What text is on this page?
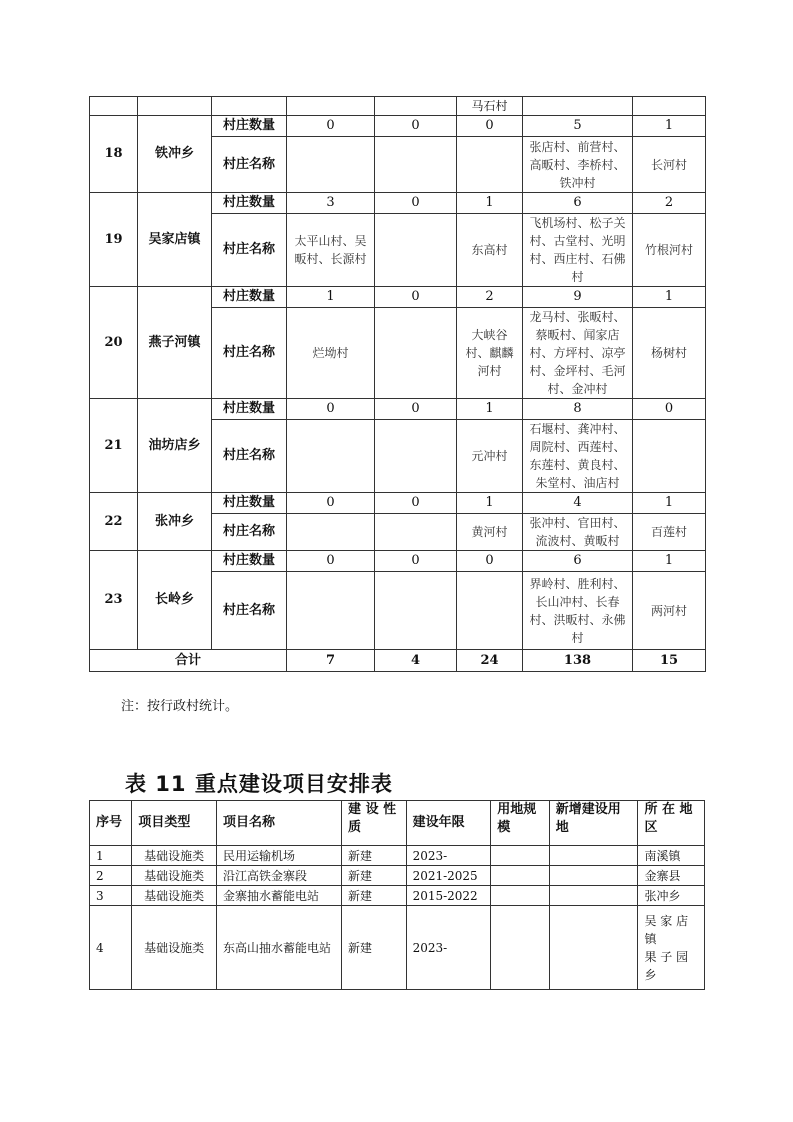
					马石村		
18	铁冲乡	村庄数量	0	0	0	5	1
		村庄名称				张店村、前营村、高畈村、李桥村、铁冲村	长河村

19	吴家店镇	村庄数量	3	0	1	6	2
		村庄名称	太平山村、吴畈村、长源村		东高村	飞机场村、松子关村、古堂村、光明村、西庄村、石佛村	竹根河村

20	燕子河镇	村庄数量	1	0	2	9	1
		村庄名称	烂坳村		大峡谷村、麒麟河村	龙马村、张畈村、蔡畈村、闻家店村、方坪村、凉亭村、金坪村、毛河村、金冲村	杨树村

21	油坊店乡	村庄数量	0	0	1	8	0
		村庄名称			元冲村	石堰村、龚冲村、周院村、西莲村、东莲村、黄良村、朱堂村、油店村	

22	张冲乡	村庄数量	0	0	1	4	1
		村庄名称			黄河村	张冲村、官田村、流波村、黄畈村	百莲村

23	长岭乡	村庄数量	0	0	0	6	1
		村庄名称				界岭村、胜利村、长山冲村、长春村、洪畈村、永佛村	两河村

合计			7	4	24	138	15
注：按行政村统计。
表 11 重点建设项目安排表
序号	项目类型	项目名称	建 设 性质	建设年限	用地规模	新增建设用地	所 在 地区
1	基础设施类	民用运输机场	新建	2023-			南溪镇
2	基础设施类	沿江高铁金寨段	新建	2021-2025			金寨县
3	基础设施类	金寨抽水蓄能电站	新建	2015-2022			张冲乡
4	基础设施类	东高山抽水蓄能电站	新建	2023-			吴 家 店
镇
果 子 园
乡
